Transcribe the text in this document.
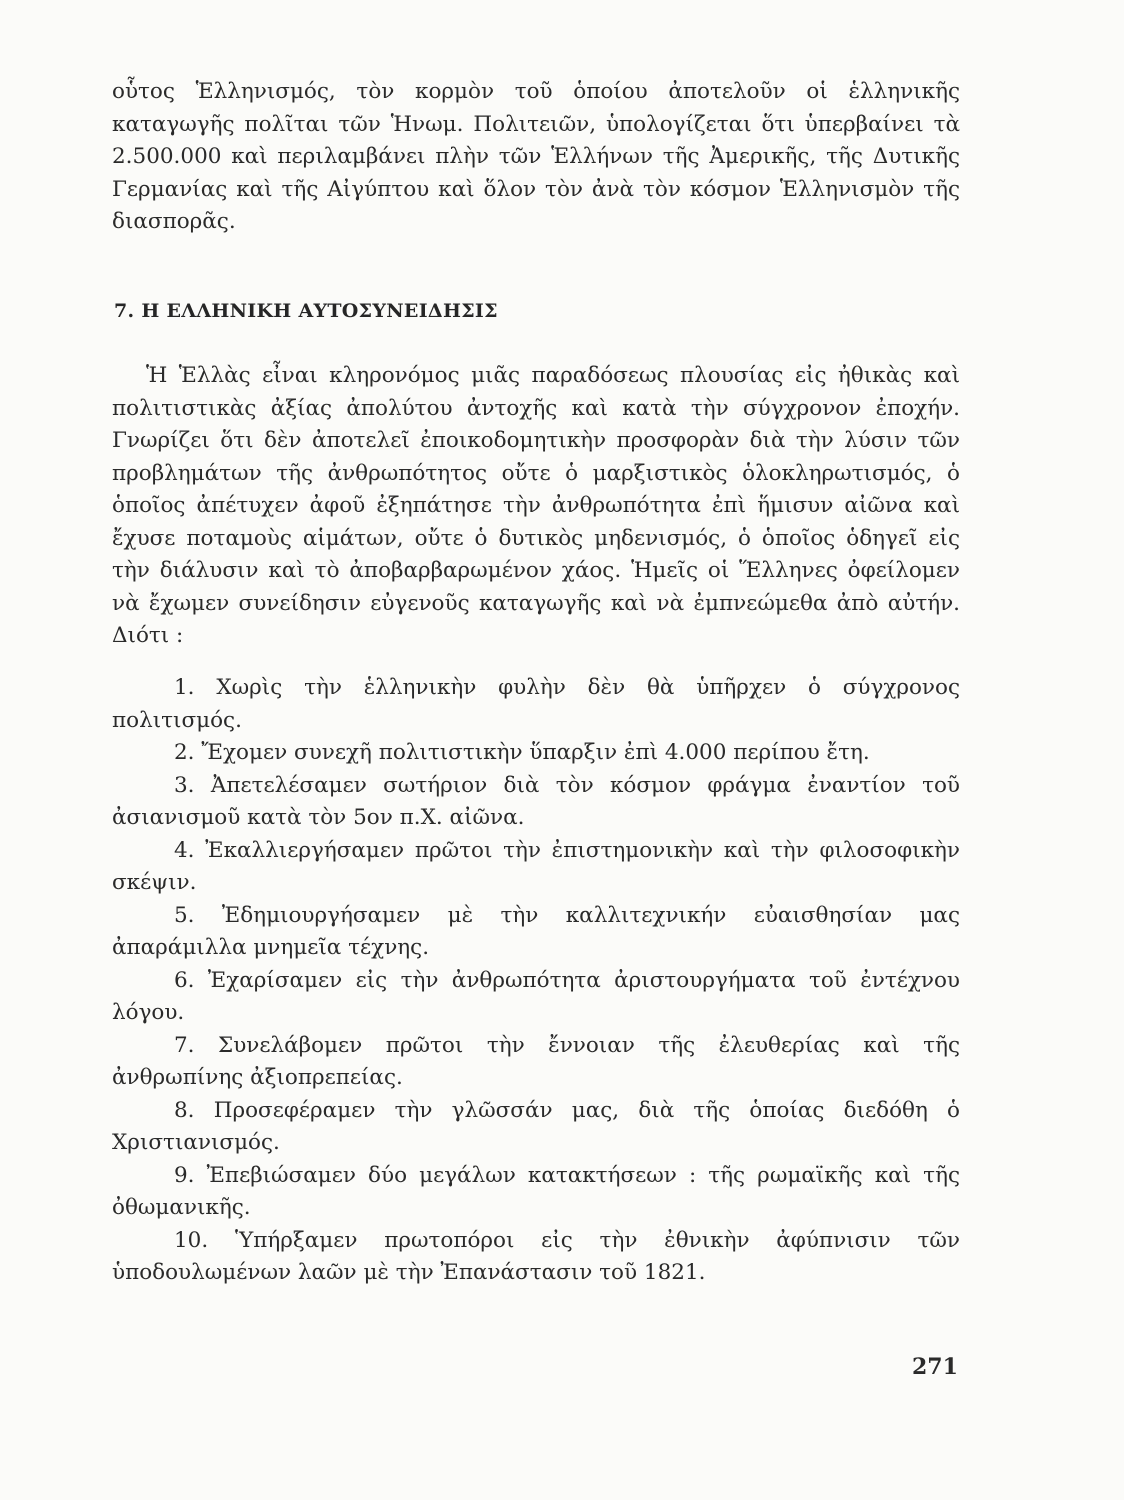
οὗτος Ἑλληνισμός, τὸν κορμὸν τοῦ ὁποίου ἀποτελοῦν οἱ ἑλληνικῆς καταγωγῆς πολῖται τῶν Ἡνωμ. Πολιτειῶν, ὑπολογίζεται ὅτι ὑπερβαίνει τὰ 2.500.000 καὶ περιλαμβάνει πλὴν τῶν Ἑλλήνων τῆς Ἀμερικῆς, τῆς Δυτικῆς Γερμανίας καὶ τῆς Αἰγύπτου καὶ ὅλον τὸν ἀνὰ τὸν κόσμον Ἑλληνισμὸν τῆς διασπορᾶς.
7. Η ΕΛΛΗΝΙΚΗ ΑΥΤΟΣΥΝΕΙΔΗΣΙΣ
Ἡ Ἑλλὰς εἶναι κληρονόμος μιᾶς παραδόσεως πλουσίας εἰς ἠθικὰς καὶ πολιτιστικὰς ἀξίας ἀπολύτου ἀντοχῆς καὶ κατὰ τὴν σύγχρονον ἐποχήν. Γνωρίζει ὅτι δὲν ἀποτελεῖ ἐποικοδομητικὴν προσφορὰν διὰ τὴν λύσιν τῶν προβλημάτων τῆς ἀνθρωπότητος οὔτε ὁ μαρξιστικὸς ὁλοκληρωτισμός, ὁ ὁποῖος ἀπέτυχεν ἀφοῦ ἐξηπάτησε τὴν ἀνθρωπότητα ἐπὶ ἥμισυν αἰῶνα καὶ ἔχυσε ποταμοὺς αἱμάτων, οὔτε ὁ δυτικὸς μηδενισμός, ὁ ὁποῖος ὁδηγεῖ εἰς τὴν διάλυσιν καὶ τὸ ἀποβαρβαρωμένον χάος. Ἡμεῖς οἱ Ἕλληνες ὀφείλομεν νὰ ἔχωμεν συνείδησιν εὐγενοῦς καταγωγῆς καὶ νὰ ἐμπνεώμεθα ἀπὸ αὐτήν. Διότι :

1. Χωρὶς τὴν ἑλληνικὴν φυλὴν δὲν θὰ ὑπῆρχεν ὁ σύγχρονος πολιτισμός.

2. Ἔχομεν συνεχῆ πολιτιστικὴν ὕπαρξιν ἐπὶ 4.000 περίπου ἔτη.

3. Ἀπετελέσαμεν σωτήριον διὰ τὸν κόσμον φράγμα ἐναντίον τοῦ ἀσιανισμοῦ κατὰ τὸν 5ον π.Χ. αἰῶνα.

4. Ἐκαλλιεργήσαμεν πρῶτοι τὴν ἐπιστημονικὴν καὶ τὴν φιλοσοφικὴν σκέψιν.

5. Ἐδημιουργήσαμεν μὲ τὴν καλλιτεχνικήν εὐαισθησίαν μας ἀπαράμιλλα μνημεῖα τέχνης.

6. Ἐχαρίσαμεν εἰς τὴν ἀνθρωπότητα ἀριστουργήματα τοῦ ἐντέχνου λόγου.

7. Συνελάβομεν πρῶτοι τὴν ἔννοιαν τῆς ἐλευθερίας καὶ τῆς ἀνθρωπίνης ἀξιοπρεπείας.

8. Προσεφέραμεν τὴν γλῶσσάν μας, διὰ τῆς ὁποίας διεδόθη ὁ Χριστιανισμός.

9. Ἐπεβιώσαμεν δύο μεγάλων κατακτήσεων : τῆς ρωμαϊκῆς καὶ τῆς ὀθωμανικῆς.

10. Ὑπήρξαμεν πρωτοπόροι εἰς τὴν ἐθνικὴν ἀφύπνισιν τῶν ὑποδουλωμένων λαῶν μὲ τὴν Ἐπανάστασιν τοῦ 1821.

271
